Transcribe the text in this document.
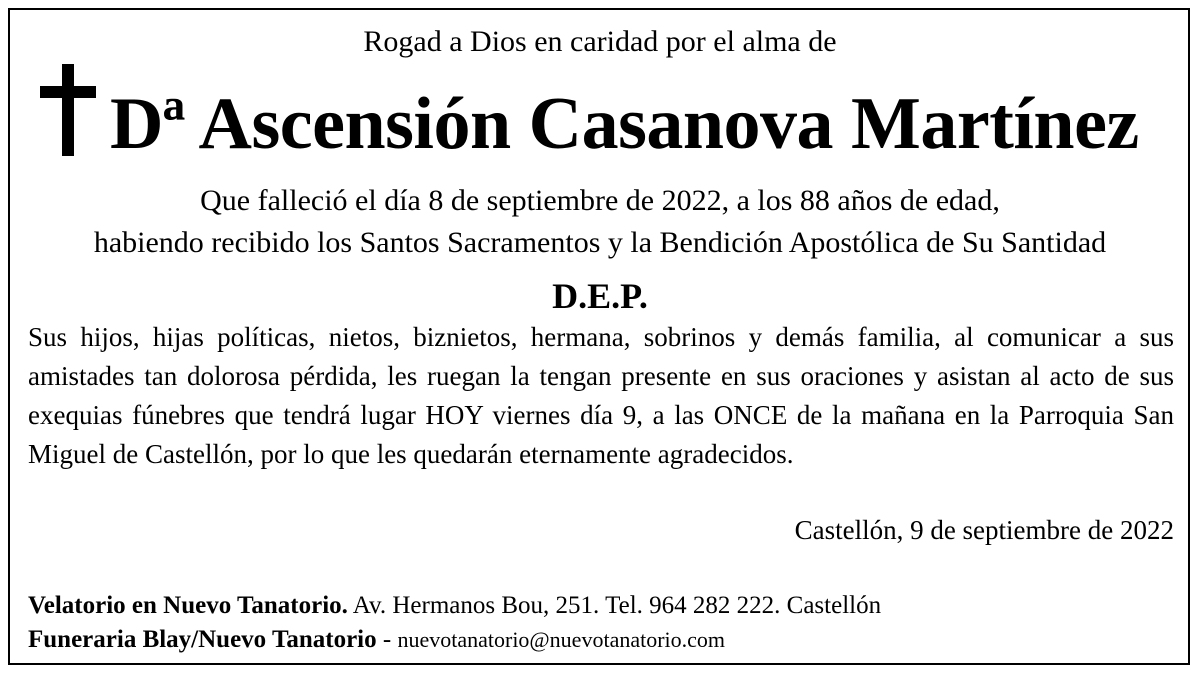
Rogad a Dios en caridad por el alma de
Dª Ascensión Casanova Martínez
Que falleció el día 8 de septiembre de 2022, a los 88 años de edad,
habiendo recibido los Santos Sacramentos y la Bendición Apostólica de Su Santidad
D.E.P.
Sus hijos, hijas políticas, nietos, biznietos, hermana, sobrinos y demás familia, al comunicar a sus amistades tan dolorosa pérdida, les ruegan la tengan presente en sus oraciones y asistan al acto de sus exequias fúnebres que tendrá lugar HOY viernes día 9, a las ONCE de la mañana en la Parroquia San Miguel de Castellón, por lo que les quedarán eternamente agradecidos.
Castellón, 9 de septiembre de 2022
Velatorio en Nuevo Tanatorio. Av. Hermanos Bou, 251. Tel. 964 282 222. Castellón
Funeraria Blay/Nuevo Tanatorio - nuevotanatorio@nuevotanatorio.com
